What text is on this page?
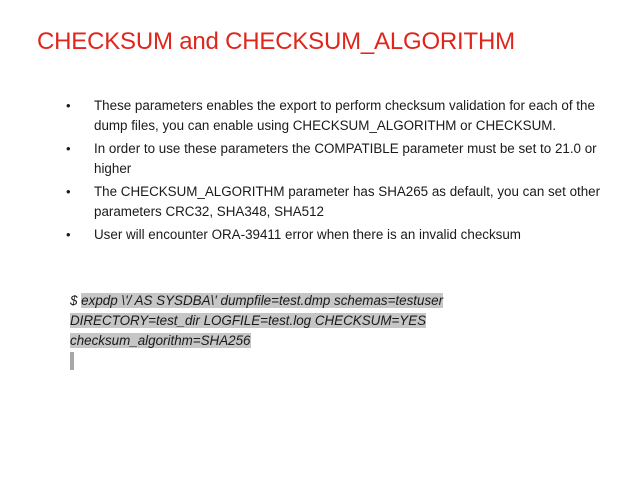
CHECKSUM and CHECKSUM_ALGORITHM
• These parameters enables the export to perform checksum validation for each of the dump files, you can enable using CHECKSUM_ALGORITHM or CHECKSUM.
• In order to use these parameters the COMPATIBLE parameter must be set to 21.0 or higher
• The CHECKSUM_ALGORITHM parameter has SHA265 as default, you can set other parameters CRC32, SHA348, SHA512
• User will encounter ORA-39411 error when there is an invalid checksum
$ expdp \'/ AS SYSDBA\' dumpfile=test.dmp schemas=testuser
DIRECTORY=test_dir LOGFILE=test.log CHECKSUM=YES
checksum_algorithm=SHA256
